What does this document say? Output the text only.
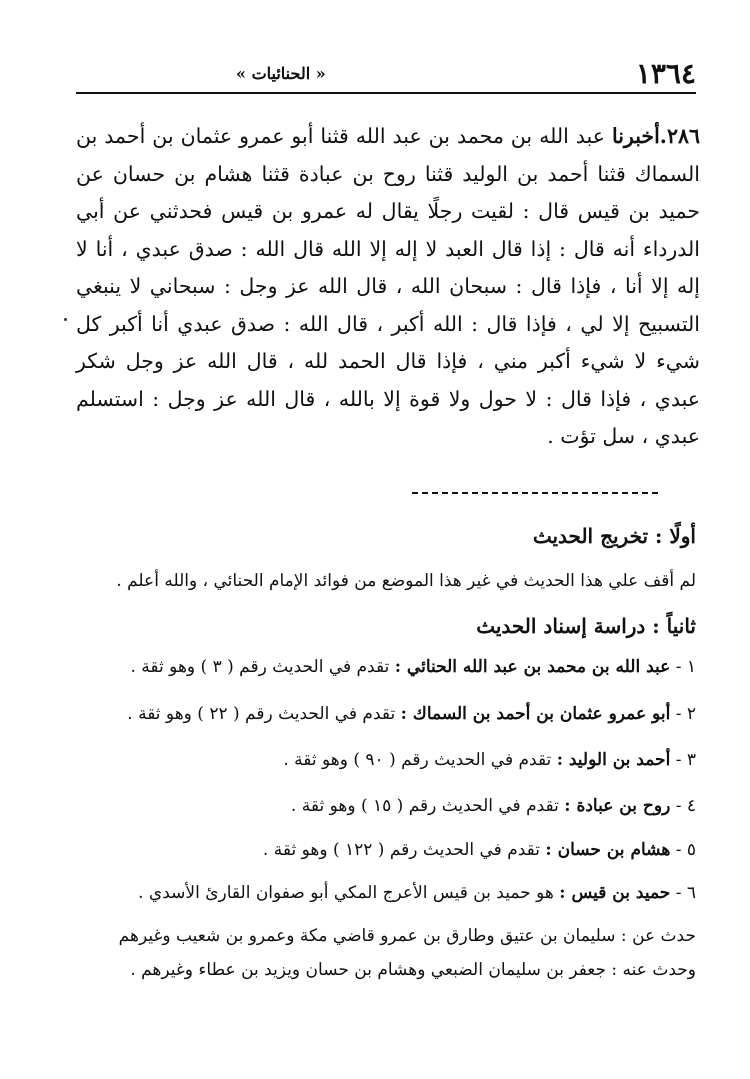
١٣٦٤
« الحنائيات »

٢٨٦.أخبرنا عبد الله بن محمد بن عبد الله قثنا أبو عمرو عثمان بن أحمد بن السماك قثنا أحمد بن الوليد قثنا روح بن عبادة قثنا هشام بن حسان عن حميد بن قيس قال : لقيت رجلًا يقال له عمرو بن قيس فحدثني عن أبي الدرداء أنه قال : إذا قال العبد لا إله إلا الله قال الله : صدق عبدي ، أنا لا إله إلا أنا ، فإذا قال : سبحان الله ، قال الله عز وجل : سبحاني لا ينبغي التسبيح إلا لي ، فإذا قال : الله أكبر ، قال الله : صدق عبدي أنا أكبر كل شيء لا شيء أكبر مني ، فإذا قال الحمد لله ، قال الله عز وجل شكر عبدي ، فإذا قال : لا حول ولا قوة إلا بالله ، قال الله عز وجل : استسلم عبدي ، سل تؤت .

أولًا : تخريج الحديث

لم أقف علي هذا الحديث في غير هذا الموضع من فوائد الإمام الحنائي ، والله أعلم .

ثانياً : دراسة إسناد الحديث

١ - عبد الله بن محمد بن عبد الله الحنائي : تقدم في الحديث رقم ( ٣ ) وهو ثقة .

٢ - أبو عمرو عثمان بن أحمد بن السماك : تقدم في الحديث رقم ( ٢٢ ) وهو ثقة .

٣ - أحمد بن الوليد : تقدم في الحديث رقم ( ٩٠ ) وهو ثقة .

٤ - روح بن عبادة : تقدم في الحديث رقم ( ١٥ ) وهو ثقة .

٥ - هشام بن حسان : تقدم في الحديث رقم ( ١٢٢ ) وهو ثقة .

٦ - حميد بن قيس : هو حميد بن قيس الأعرج المكي أبو صفوان القارئ الأسدي .

حدث عن : سليمان بن عتيق وطارق بن عمرو قاضي مكة وعمرو بن شعيب وغيرهم

وحدث عنه : جعفر بن سليمان الضبعي وهشام بن حسان ويزيد بن عطاء وغيرهم .
